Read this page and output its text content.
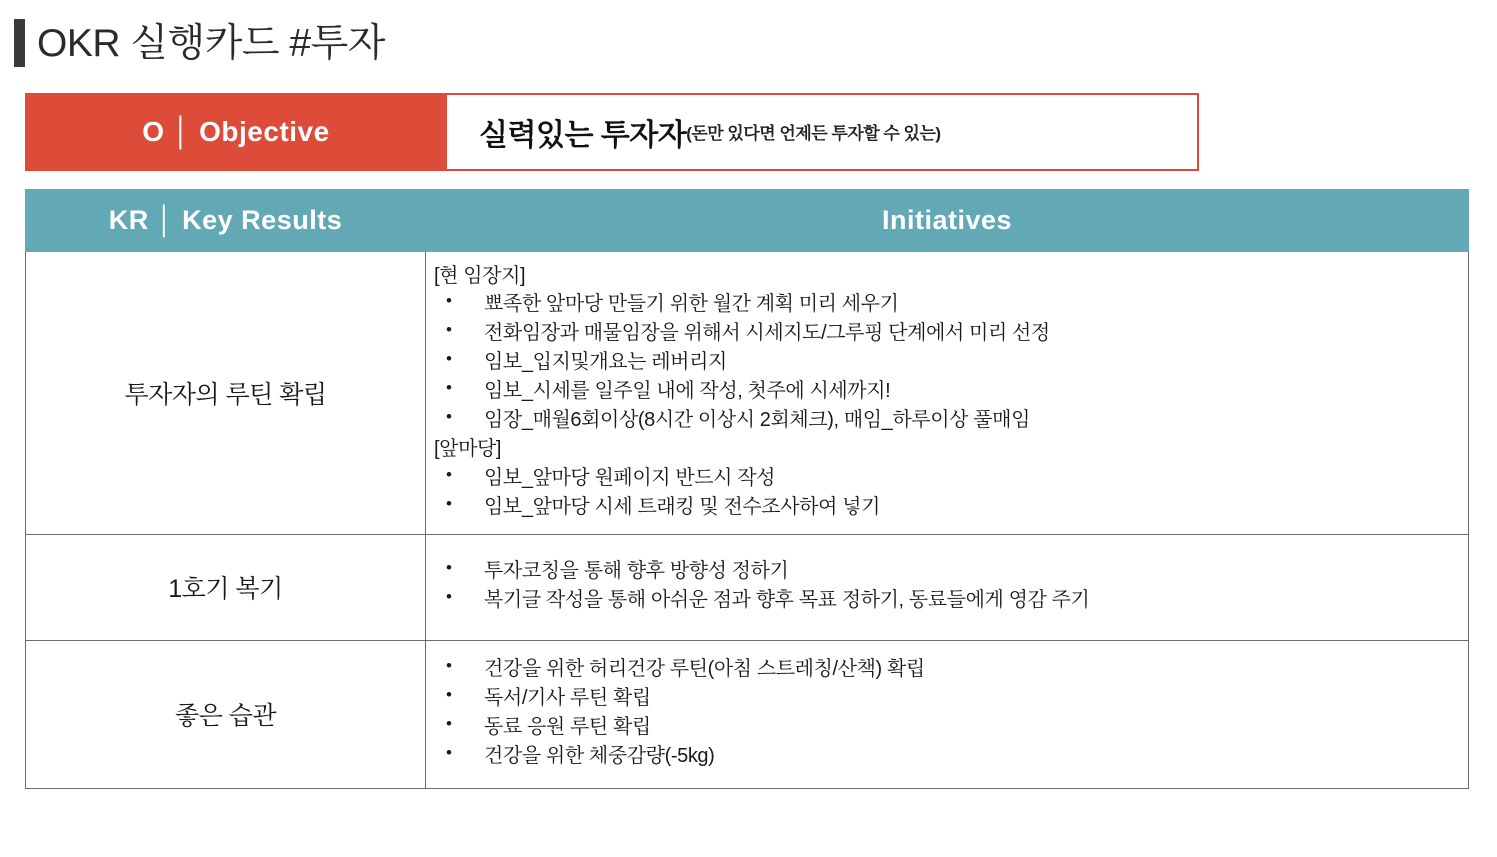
OKR 실행카드 #투자
O │ Objective	실력있는 투자자 (돈만 있다면 언제든 투자할 수 있는)
KR │ Key Results	Initiatives
투자자의 루틴 확립	
[현 임장지]
• 뾰족한 앞마당 만들기 위한 월간 계획 미리 세우기
• 전화임장과 매물임장을 위해서 시세지도/그루핑 단계에서 미리 선정
• 임보_입지및개요는 레버리지
• 임보_시세를 일주일 내에 작성, 첫주에 시세까지!
• 임장_매월6회이상(8시간 이상시 2회체크), 매임_하루이상 풀매임
[앞마당]
• 임보_앞마당 원페이지 반드시 작성
• 임보_앞마당 시세 트래킹 및 전수조사하여 넣기

1호기 복기	
• 투자코칭을 통해 향후 방향성 정하기
• 복기글 작성을 통해 아쉬운 점과 향후 목표 정하기, 동료들에게 영감 주기

좋은 습관	
• 건강을 위한 허리건강 루틴(아침 스트레칭/산책) 확립
• 독서/기사 루틴 확립
• 동료 응원 루틴 확립
• 건강을 위한 체중감량(-5kg)
